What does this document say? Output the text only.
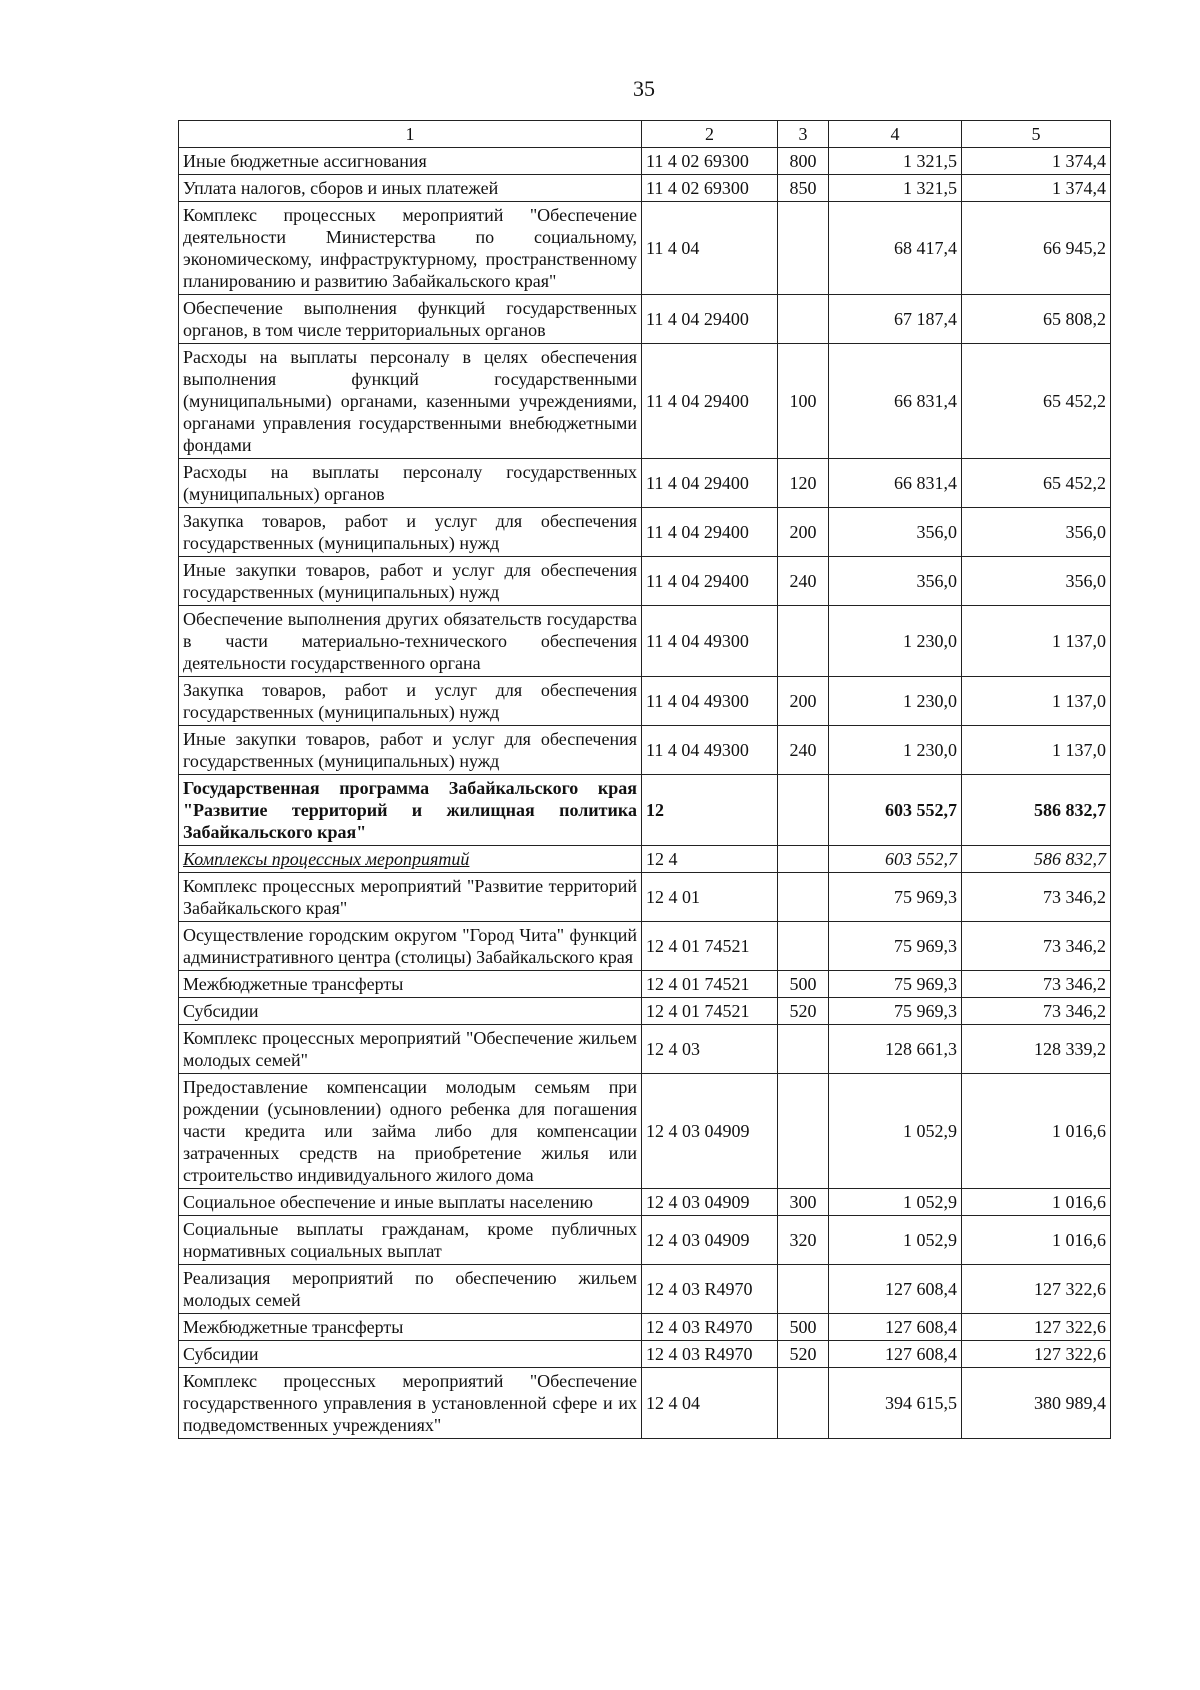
35
1	2	3	4	5
Иные бюджетные ассигнования	11 4 02 69300	800	1 321,5	1 374,4
Уплата налогов, сборов и иных платежей	11 4 02 69300	850	1 321,5	1 374,4
Комплекс процессных мероприятий "Обеспечение деятельности Министерства по социальному, экономическому, инфраструктурному, пространственному планированию и развитию Забайкальского края"	11 4 04		68 417,4	66 945,2
Обеспечение выполнения функций государственных органов, в том числе территориальных органов	11 4 04 29400		67 187,4	65 808,2
Расходы на выплаты персоналу в целях обеспечения выполнения функций государственными (муниципальными) органами, казенными учреждениями, органами управления государственными внебюджетными фондами	11 4 04 29400	100	66 831,4	65 452,2
Расходы на выплаты персоналу государственных (муниципальных) органов	11 4 04 29400	120	66 831,4	65 452,2
Закупка товаров, работ и услуг для обеспечения государственных (муниципальных) нужд	11 4 04 29400	200	356,0	356,0
Иные закупки товаров, работ и услуг для обеспечения государственных (муниципальных) нужд	11 4 04 29400	240	356,0	356,0
Обеспечение выполнения других обязательств государства в части материально-технического обеспечения деятельности государственного органа	11 4 04 49300		1 230,0	1 137,0
Закупка товаров, работ и услуг для обеспечения государственных (муниципальных) нужд	11 4 04 49300	200	1 230,0	1 137,0
Иные закупки товаров, работ и услуг для обеспечения государственных (муниципальных) нужд	11 4 04 49300	240	1 230,0	1 137,0
Государственная программа Забайкальского края "Развитие территорий и жилищная политика Забайкальского края"	12		603 552,7	586 832,7
Комплексы процессных мероприятий	12 4		603 552,7	586 832,7
Комплекс процессных мероприятий "Развитие территорий Забайкальского края"	12 4 01		75 969,3	73 346,2
Осуществление городским округом "Город Чита" функций административного центра (столицы) Забайкальского края	12 4 01 74521		75 969,3	73 346,2
Межбюджетные трансферты	12 4 01 74521	500	75 969,3	73 346,2
Субсидии	12 4 01 74521	520	75 969,3	73 346,2
Комплекс процессных мероприятий "Обеспечение жильем молодых семей"	12 4 03		128 661,3	128 339,2
Предоставление компенсации молодым семьям при рождении (усыновлении) одного ребенка для погашения части кредита или займа либо для компенсации затраченных средств на приобретение жилья или строительство индивидуального жилого дома	12 4 03 04909		1 052,9	1 016,6
Социальное обеспечение и иные выплаты населению	12 4 03 04909	300	1 052,9	1 016,6
Социальные выплаты гражданам, кроме публичных нормативных социальных выплат	12 4 03 04909	320	1 052,9	1 016,6
Реализация мероприятий по обеспечению жильем молодых семей	12 4 03 R4970		127 608,4	127 322,6
Межбюджетные трансферты	12 4 03 R4970	500	127 608,4	127 322,6
Субсидии	12 4 03 R4970	520	127 608,4	127 322,6
Комплекс процессных мероприятий "Обеспечение государственного управления в установленной сфере и их подведомственных учреждениях"	12 4 04		394 615,5	380 989,4
